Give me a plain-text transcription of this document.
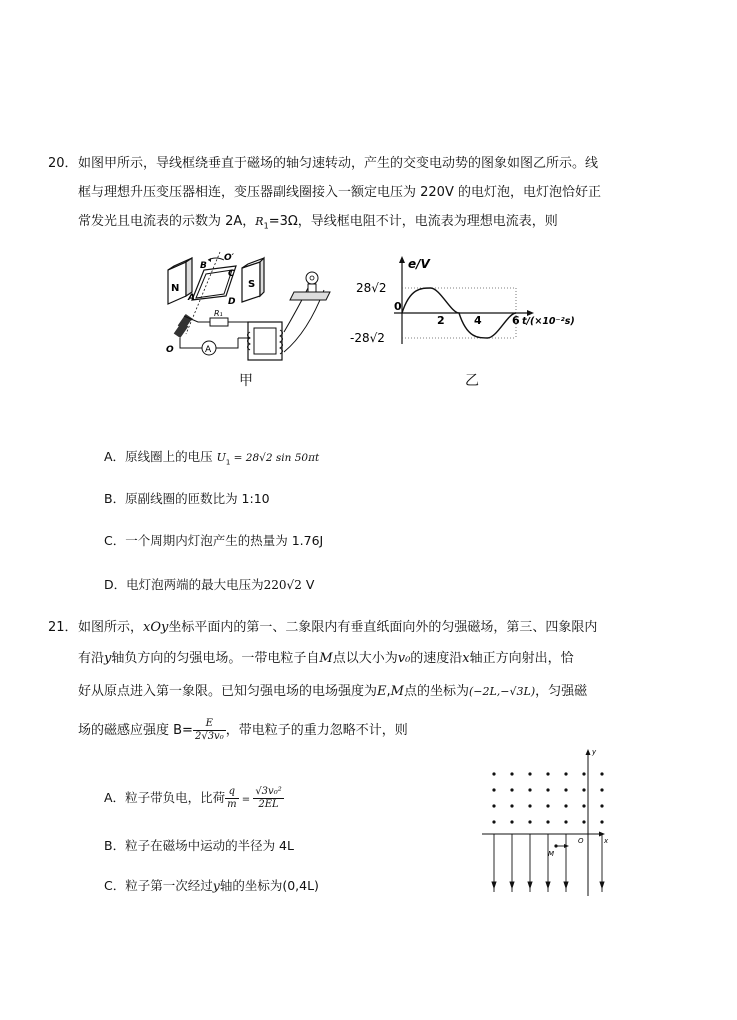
20． 如图甲所示，导线框绕垂直于磁场的轴匀速转动，产生的交变电动势的图象如图乙所示。线
框与理想升压变压器相连，变压器副线圈接入一额定电压为 220V 的电灯泡，电灯泡恰好正
常发光且电流表的示数为 2A，$R_1=3\Omega$，导线框电阻不计，电流表为理想电流表，则
N	S
B
O′
C
A	D
O
R₁
A
甲
e/V
28√2
-28√2
0
2	4	6 t/(×10⁻²s)
乙
A．原线圈上的电压 $U_1 = 28√2$ sin 50πt
B．原副线圈的匝数比为 1:10
C．一个周期内灯泡产生的热量为 1.76J
D．电灯泡两端的最大电压为220√2 V
21． 如图所示，xOy坐标平面内的第一、二象限内有垂直纸面向外的匀强磁场，第三、四象限内
有沿y轴负方向的匀强电场。一带电粒子自M点以大小为v₀的速度沿x轴正方向射出，恰
好从原点进入第一象限。已知匀强电场的电场强度为E,M点的坐标为(−2L,−√3L)，匀强磁
场的磁感应强度 $B= \frac{E}{\text{2√3v₀}}$ ，带电粒子的重力忽略不计，则
A．粒子带负电，比荷 $\frac{q}{m} = \frac{\text{√3v₀²}}{2EL}$
B．粒子在磁场中运动的半径为 4L
C．粒子第一次经过y轴的坐标为(0,4L)
y
x
O
M
